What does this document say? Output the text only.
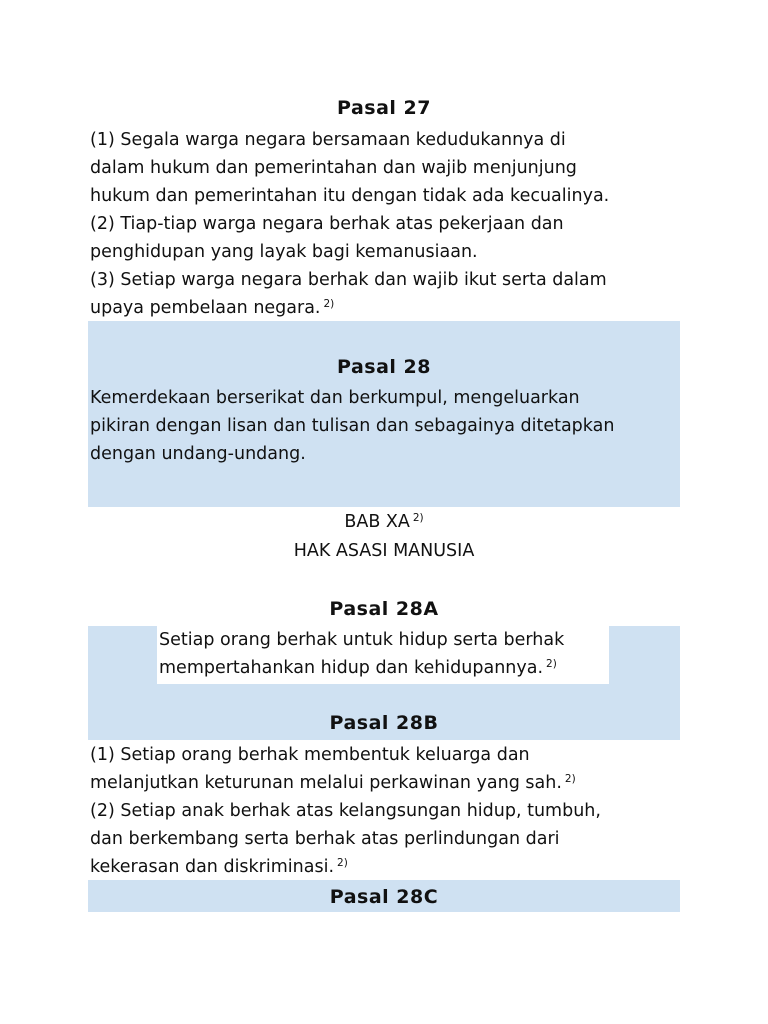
Pasal 27
(1) Segala warga negara bersamaan kedudukannya di
dalam hukum dan pemerintahan dan wajib menjunjung
hukum dan pemerintahan itu dengan tidak ada kecualinya.
(2) Tiap-tiap warga negara berhak atas pekerjaan dan
penghidupan yang layak bagi kemanusiaan.
(3) Setiap warga negara berhak dan wajib ikut serta dalam
upaya pembelaan negara. $^{2)}$
Pasal 28
Kemerdekaan berserikat dan berkumpul, mengeluarkan
pikiran dengan lisan dan tulisan dan sebagainya ditetapkan
dengan undang-undang.
BAB XA $^{2)}$
HAK ASASI MANUSIA
Pasal 28A
Setiap orang berhak untuk hidup serta berhak
mempertahankan hidup dan kehidupannya. $^{2)}$
Pasal 28B
(1) Setiap orang berhak membentuk keluarga dan
melanjutkan keturunan melalui perkawinan yang sah. $^{2)}$
(2) Setiap anak berhak atas kelangsungan hidup, tumbuh,
dan berkembang serta berhak atas perlindungan dari
kekerasan dan diskriminasi. $^{2)}$
Pasal 28C
